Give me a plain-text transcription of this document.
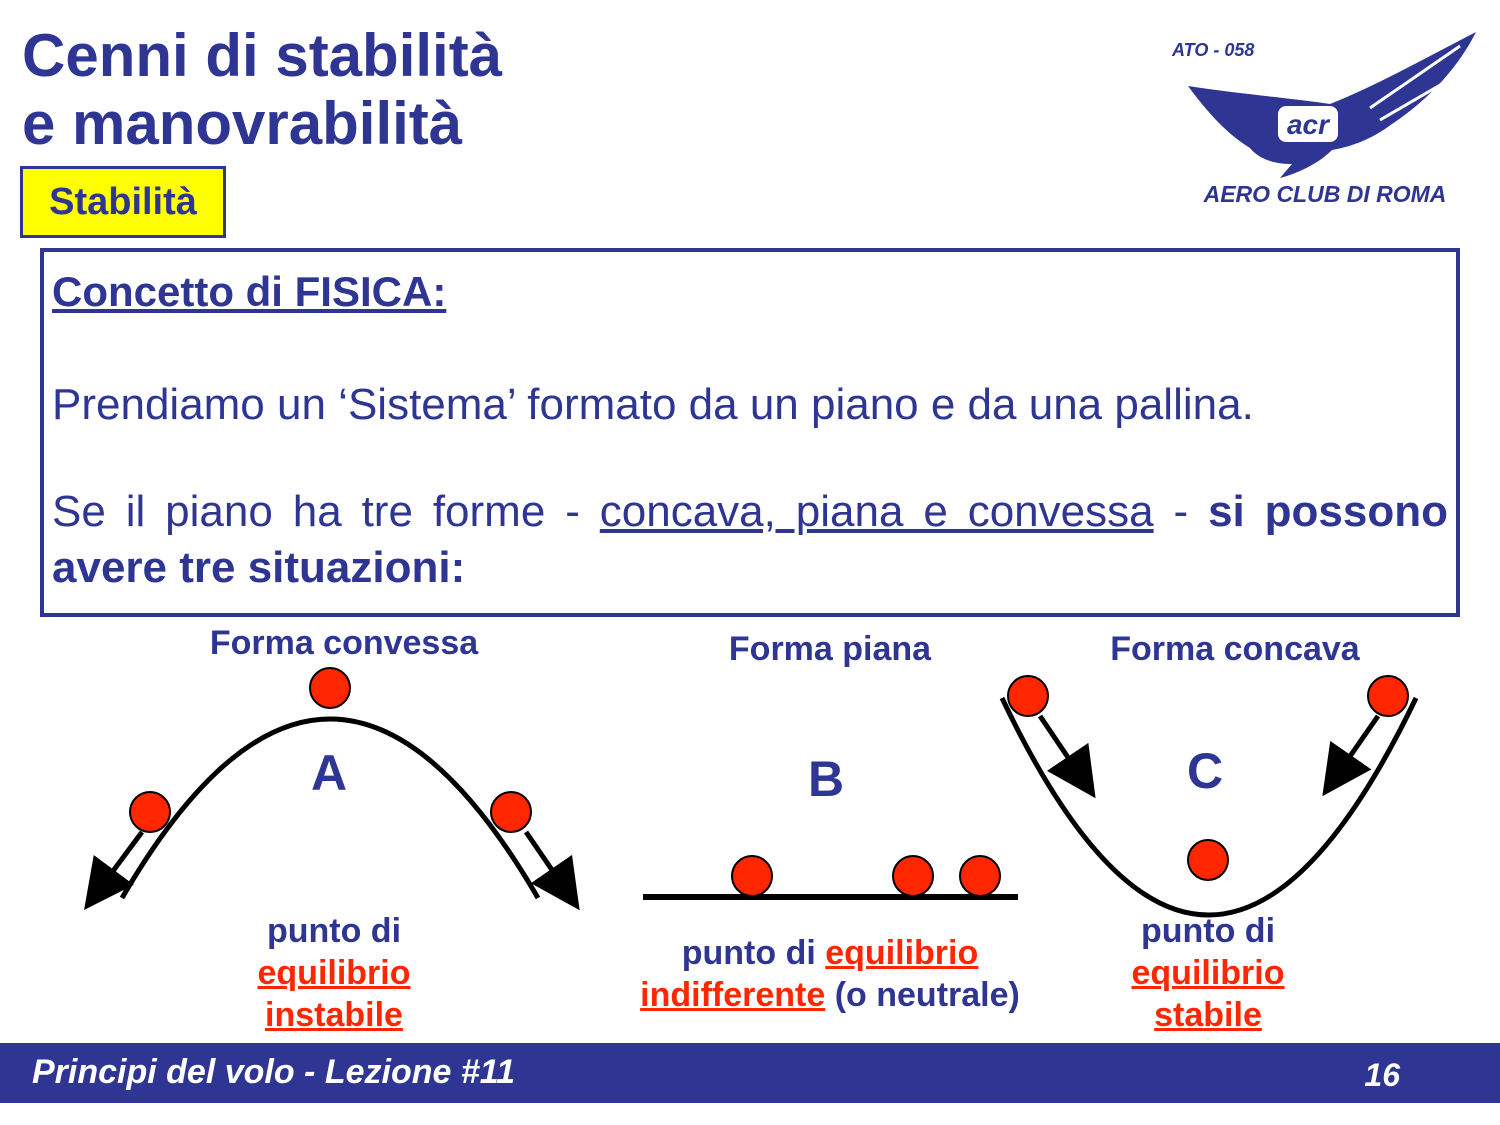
Cenni di stabilità
e manovrabilità
Stabilità
ATO - 058
acr
AERO CLUB DI ROMA
Concetto di FISICA:
Prendiamo un ‘Sistema’ formato da un piano e da una pallina.
Se il piano ha tre forme - concava, piana e convessa - si possono avere tre situazioni:
Forma convessa	Forma piana	Forma concava
A	B	C
punto di
equilibrio
instabile
punto di equilibrio
indifferente (o neutrale)
punto di
equilibrio
stabile
Principi del volo - Lezione #11	16
